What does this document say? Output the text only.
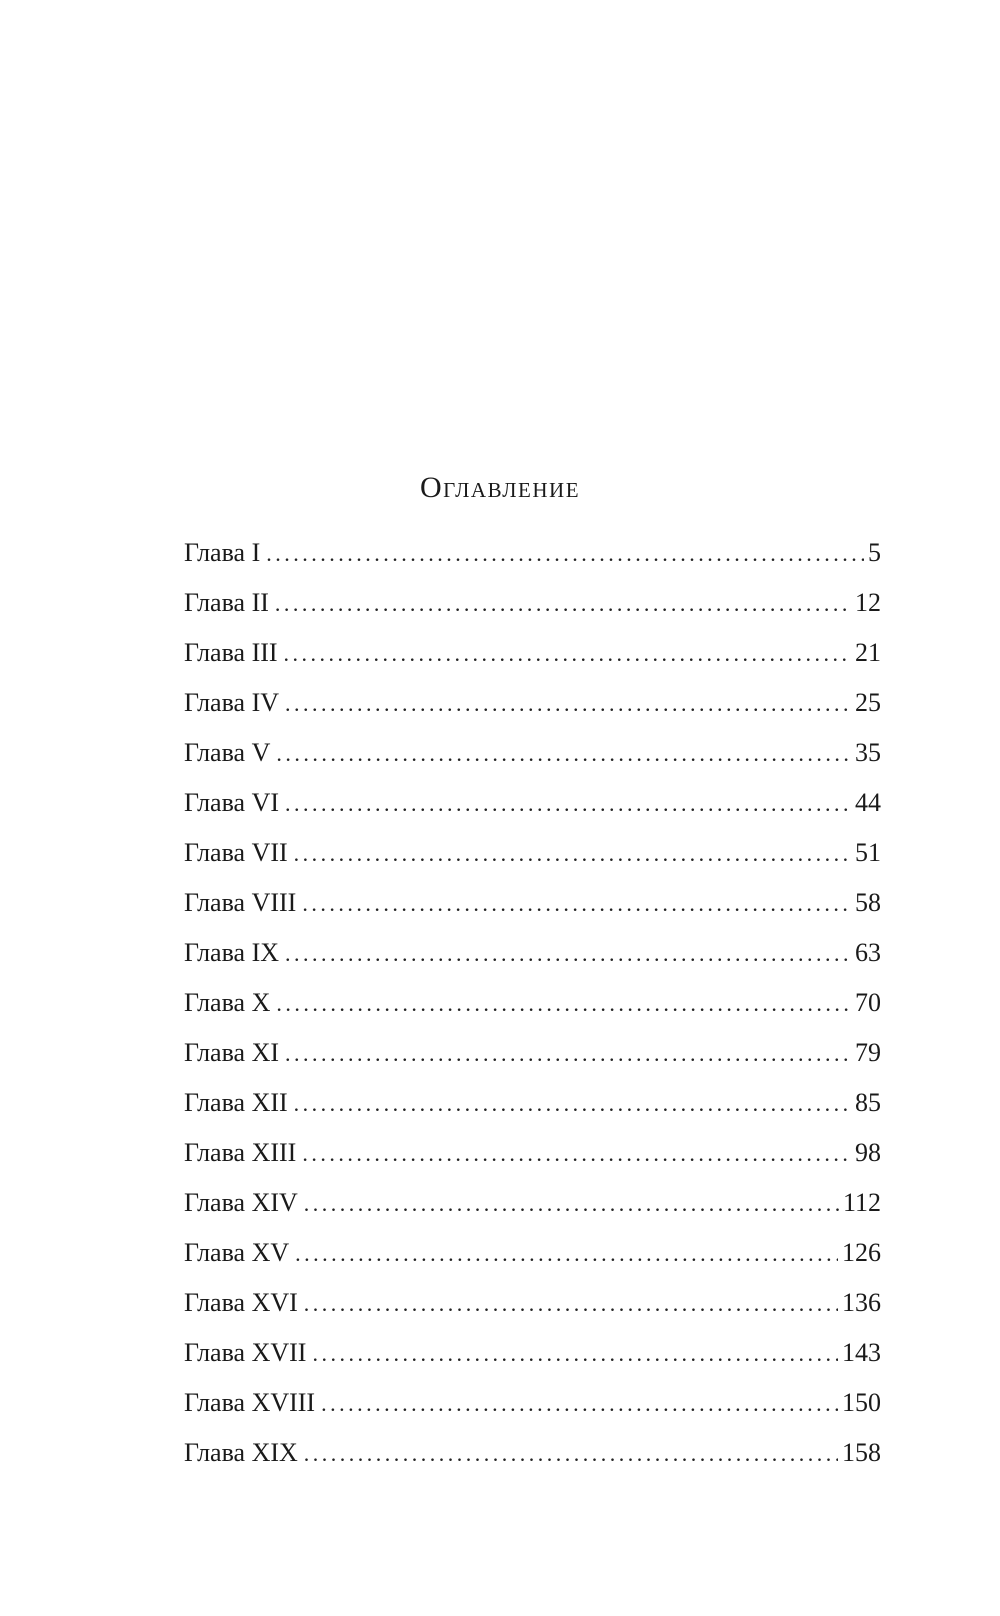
Оглавление
Глава I . . .	5
Глава II . . .	12
Глава III . . .	21
Глава IV . . .	25
Глава V . . .	35
Глава VI . . .	44
Глава VII . . .	51
Глава VIII . . .	58
Глава IX . . .	63
Глава X . . .	70
Глава XI . . .	79
Глава XII . . .	85
Глава XIII . . .	98
Глава XIV . . .	112
Глава XV . . .	126
Глава XVI . . .	136
Глава XVII . . .	143
Глава XVIII . . .	150
Глава XIX . . .	158
